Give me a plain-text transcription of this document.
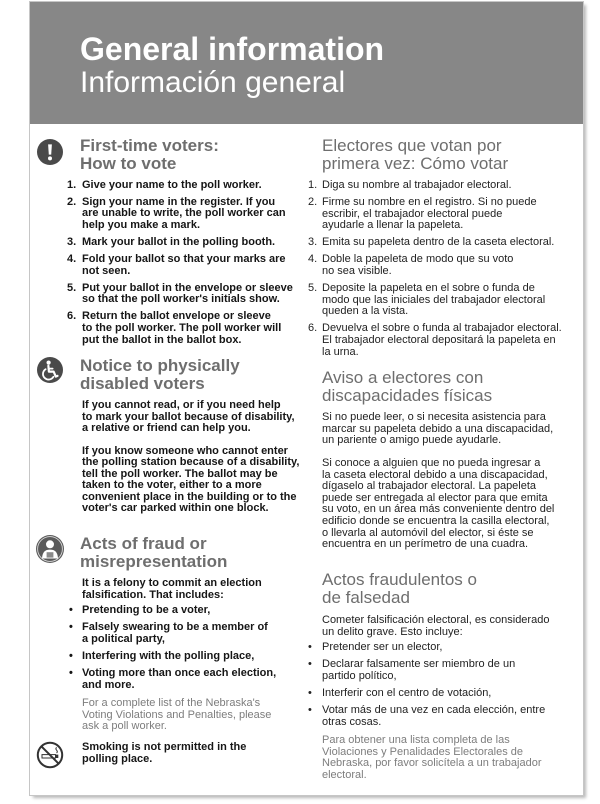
General information
Información general
First-time voters:
How to vote
1. Give your name to the poll worker.
2. Sign your name in the register. If you
are unable to write, the poll worker can
help you make a mark.
3. Mark your ballot in the polling booth.
4. Fold your ballot so that your marks are
not seen.
5. Put your ballot in the envelope or sleeve
so that the poll worker's initials show.
6. Return the ballot envelope or sleeve
to the poll worker. The poll worker will
put the ballot in the ballot box.
Notice to physically
disabled voters
If you cannot read, or if you need help
to mark your ballot because of disability,
a relative or friend can help you.
If you know someone who cannot enter
the polling station because of a disability,
tell the poll worker. The ballot may be
taken to the voter, either to a more
convenient place in the building or to the
voter's car parked within one block.
Acts of fraud or
misrepresentation
It is a felony to commit an election
falsification. That includes:
• Pretending to be a voter,
• Falsely swearing to be a member of
a political party,
• Interfering with the polling place,
• Voting more than once each election,
and more.
For a complete list of the Nebraska's
Voting Violations and Penalties, please
ask a poll worker.
Smoking is not permitted in the
polling place.
Electores que votan por
primera vez: Cómo votar
1. Diga su nombre al trabajador electoral.
2. Firme su nombre en el registro. Si no puede
escribir, el trabajador electoral puede
ayudarle a llenar la papeleta.
3. Emita su papeleta dentro de la caseta electoral.
4. Doble la papeleta de modo que su voto
no sea visible.
5. Deposite la papeleta en el sobre o funda de
modo que las iniciales del trabajador electoral
queden a la vista.
6. Devuelva el sobre o funda al trabajador electoral.
El trabajador electoral depositará la papeleta en
la urna.
Aviso a electores con
discapacidades físicas
Si no puede leer, o si necesita asistencia para
marcar su papeleta debido a una discapacidad,
un pariente o amigo puede ayudarle.
Si conoce a alguien que no pueda ingresar a
la caseta electoral debido a una discapacidad,
dígaselo al trabajador electoral. La papeleta
puede ser entregada al elector para que emita
su voto, en un área más conveniente dentro del
edificio donde se encuentra la casilla electoral,
o llevarla al automóvil del elector, si éste se
encuentra en un perímetro de una cuadra.
Actos fraudulentos o
de falsedad
Cometer falsificación electoral, es considerado
un delito grave. Esto incluye:
• Pretender ser un elector,
• Declarar falsamente ser miembro de un
partido político,
• Interferir con el centro de votación,
• Votar más de una vez en cada elección, entre
otras cosas.
Para obtener una lista completa de las
Violaciones y Penalidades Electorales de
Nebraska, por favor solicítela a un trabajador
electoral.
